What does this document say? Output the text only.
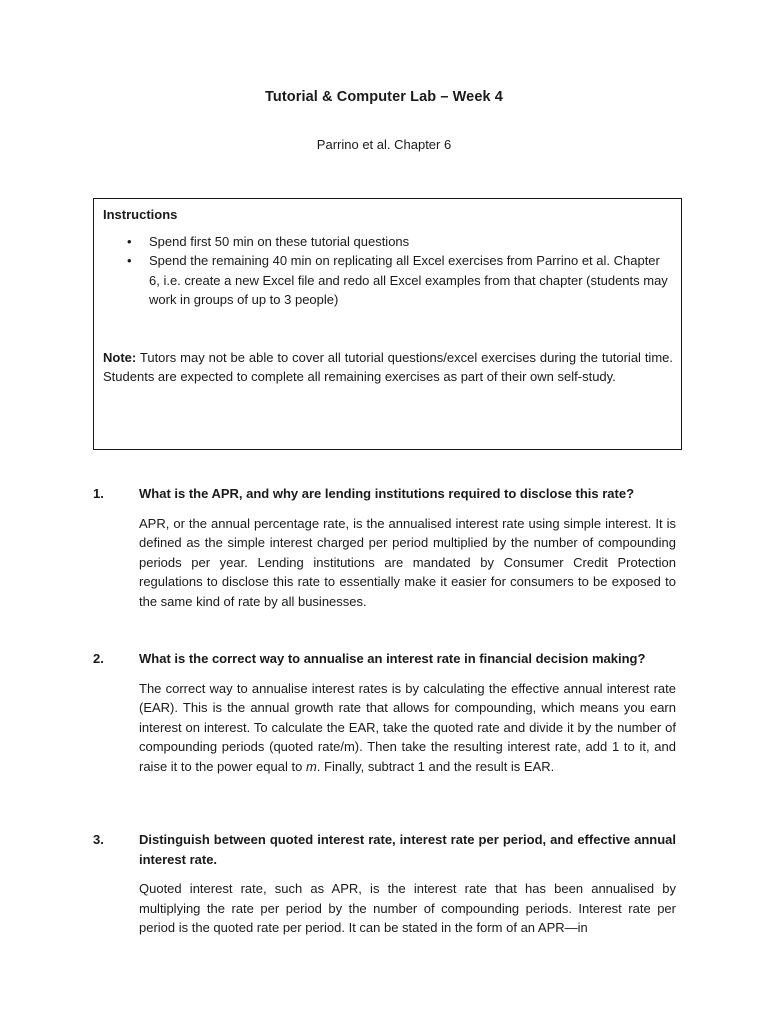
Tutorial & Computer Lab – Week 4
Parrino et al. Chapter 6
Instructions
• Spend first 50 min on these tutorial questions
• Spend the remaining 40 min on replicating all Excel exercises from Parrino et al. Chapter 6, i.e. create a new Excel file and redo all Excel examples from that chapter (students may work in groups of up to 3 people)
Note: Tutors may not be able to cover all tutorial questions/excel exercises during the tutorial time. Students are expected to complete all remaining exercises as part of their own self-study.
1.	What is the APR, and why are lending institutions required to disclose this rate?
APR, or the annual percentage rate, is the annualised interest rate using simple interest. It is defined as the simple interest charged per period multiplied by the number of compounding periods per year. Lending institutions are mandated by Consumer Credit Protection regulations to disclose this rate to essentially make it easier for consumers to be exposed to the same kind of rate by all businesses.
2.	What is the correct way to annualise an interest rate in financial decision making?
The correct way to annualise interest rates is by calculating the effective annual interest rate (EAR). This is the annual growth rate that allows for compounding, which means you earn interest on interest. To calculate the EAR, take the quoted rate and divide it by the number of compounding periods (quoted rate/m). Then take the resulting interest rate, add 1 to it, and raise it to the power equal to m. Finally, subtract 1 and the result is EAR.
3.	Distinguish between quoted interest rate, interest rate per period, and effective annual interest rate.
Quoted interest rate, such as APR, is the interest rate that has been annualised by multiplying the rate per period by the number of compounding periods. Interest rate per period is the quoted rate per period. It can be stated in the form of an APR—in
